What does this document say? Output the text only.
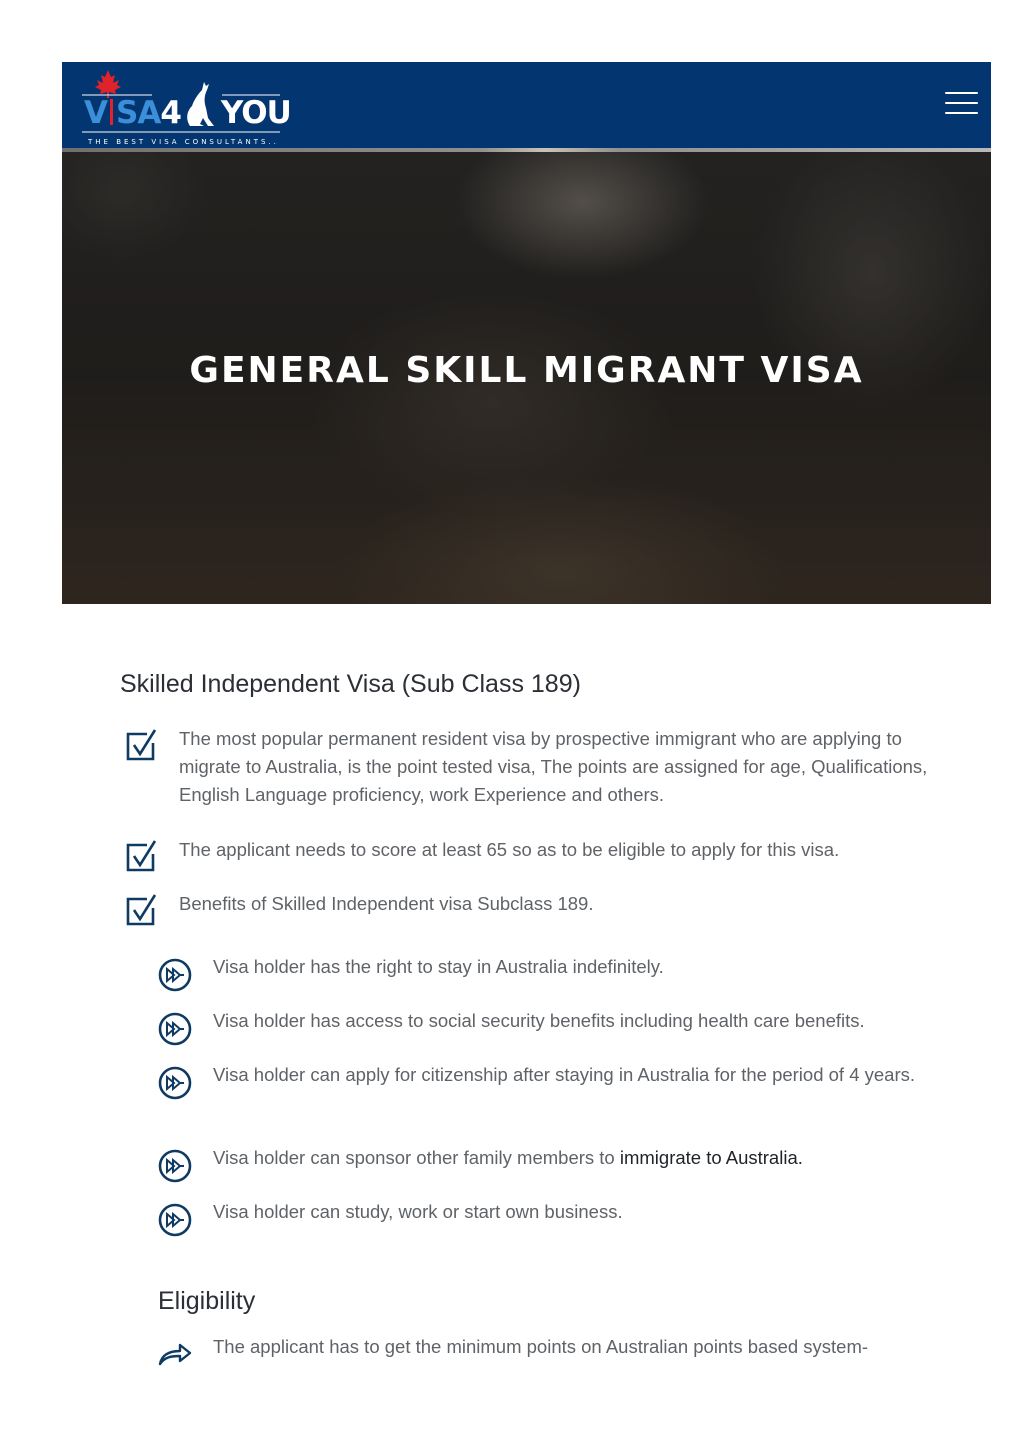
V SA4 YOU
THE BEST VISA CONSULTANTS..
GENERAL SKILL MIGRANT VISA
Skilled Independent Visa (Sub Class 189)
The most popular permanent resident visa by prospective immigrant who are applying to migrate to Australia, is the point tested visa, The points are assigned for age, Qualifications, English Language proficiency, work Experience and others.
The applicant needs to score at least 65 so as to be eligible to apply for this visa.
Benefits of Skilled Independent visa Subclass 189.
Visa holder has the right to stay in Australia indefinitely.
Visa holder has access to social security benefits including health care benefits.
Visa holder can apply for citizenship after staying in Australia for the period of 4 years.
Visa holder can sponsor other family members to immigrate to Australia.
Visa holder can study, work or start own business.
Eligibility
The applicant has to get the minimum points on Australian points based system-
